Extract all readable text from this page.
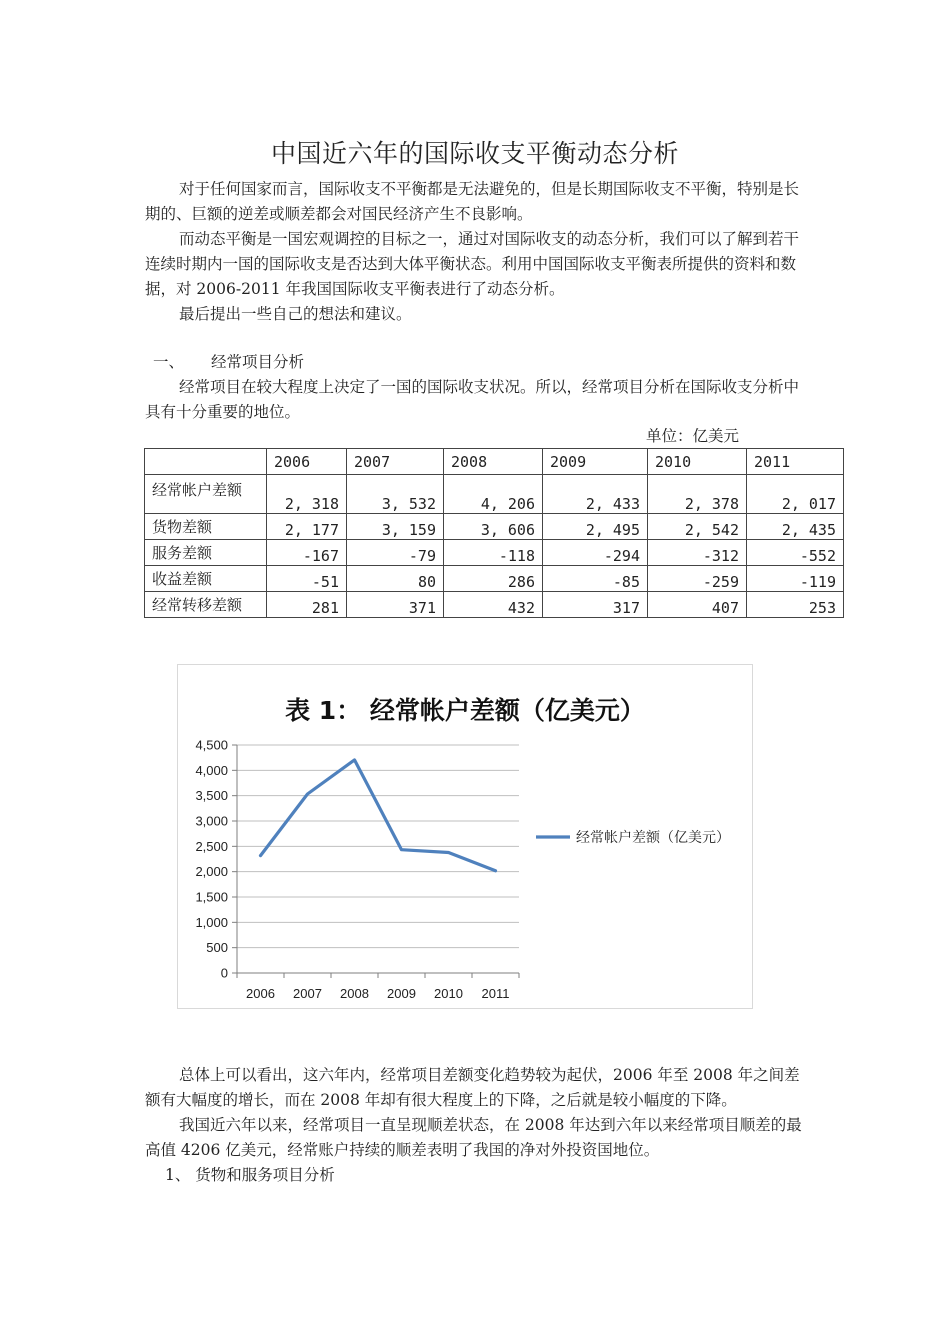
中国近六年的国际收支平衡动态分析

对于任何国家而言，国际收支不平衡都是无法避免的，但是长期国际收支不平衡，特别是长期的、巨额的逆差或顺差都会对国民经济产生不良影响。

而动态平衡是一国宏观调控的目标之一，通过对国际收支的动态分析，我们可以了解到若干连续时期内一国的国际收支是否达到大体平衡状态。利用中国国际收支平衡表所提供的资料和数据，对 2006-2011 年我国国际收支平衡表进行了动态分析。

最后提出一些自己的想法和建议。

一、 经常项目分析

经常项目在较大程度上决定了一国的国际收支状况。所以，经常项目分析在国际收支分析中具有十分重要的地位。

单位：亿美元
	2006	2007	2008	2009	2010	2011
经常帐户差额	2, 318	3, 532	4, 206	2, 433	2, 378	2, 017
货物差额	2, 177	3, 159	3, 606	2, 495	2, 542	2, 435
服务差额	-167	-79	-118	-294	-312	-552
收益差额	-51	80	286	-85	-259	-119
经常转移差额	281	371	432	317	407	253
表 1： 经常帐户差额（亿美元）
0
500
1,000
1,500
2,000
2,500
3,000
3,500
4,000
4,500
2006 2007 2008 2009 2010 2011
经常帐户差额（亿美元）

总体上可以看出，这六年内，经常项目差额变化趋势较为起伏，2006 年至 2008 年之间差额有大幅度的增长，而在 2008 年却有很大程度上的下降，之后就是较小幅度的下降。

我国近六年以来，经常项目一直呈现顺差状态，在 2008 年达到六年以来经常项目顺差的最高值 4206 亿美元，经常账户持续的顺差表明了我国的净对外投资国地位。

1、 货物和服务项目分析
